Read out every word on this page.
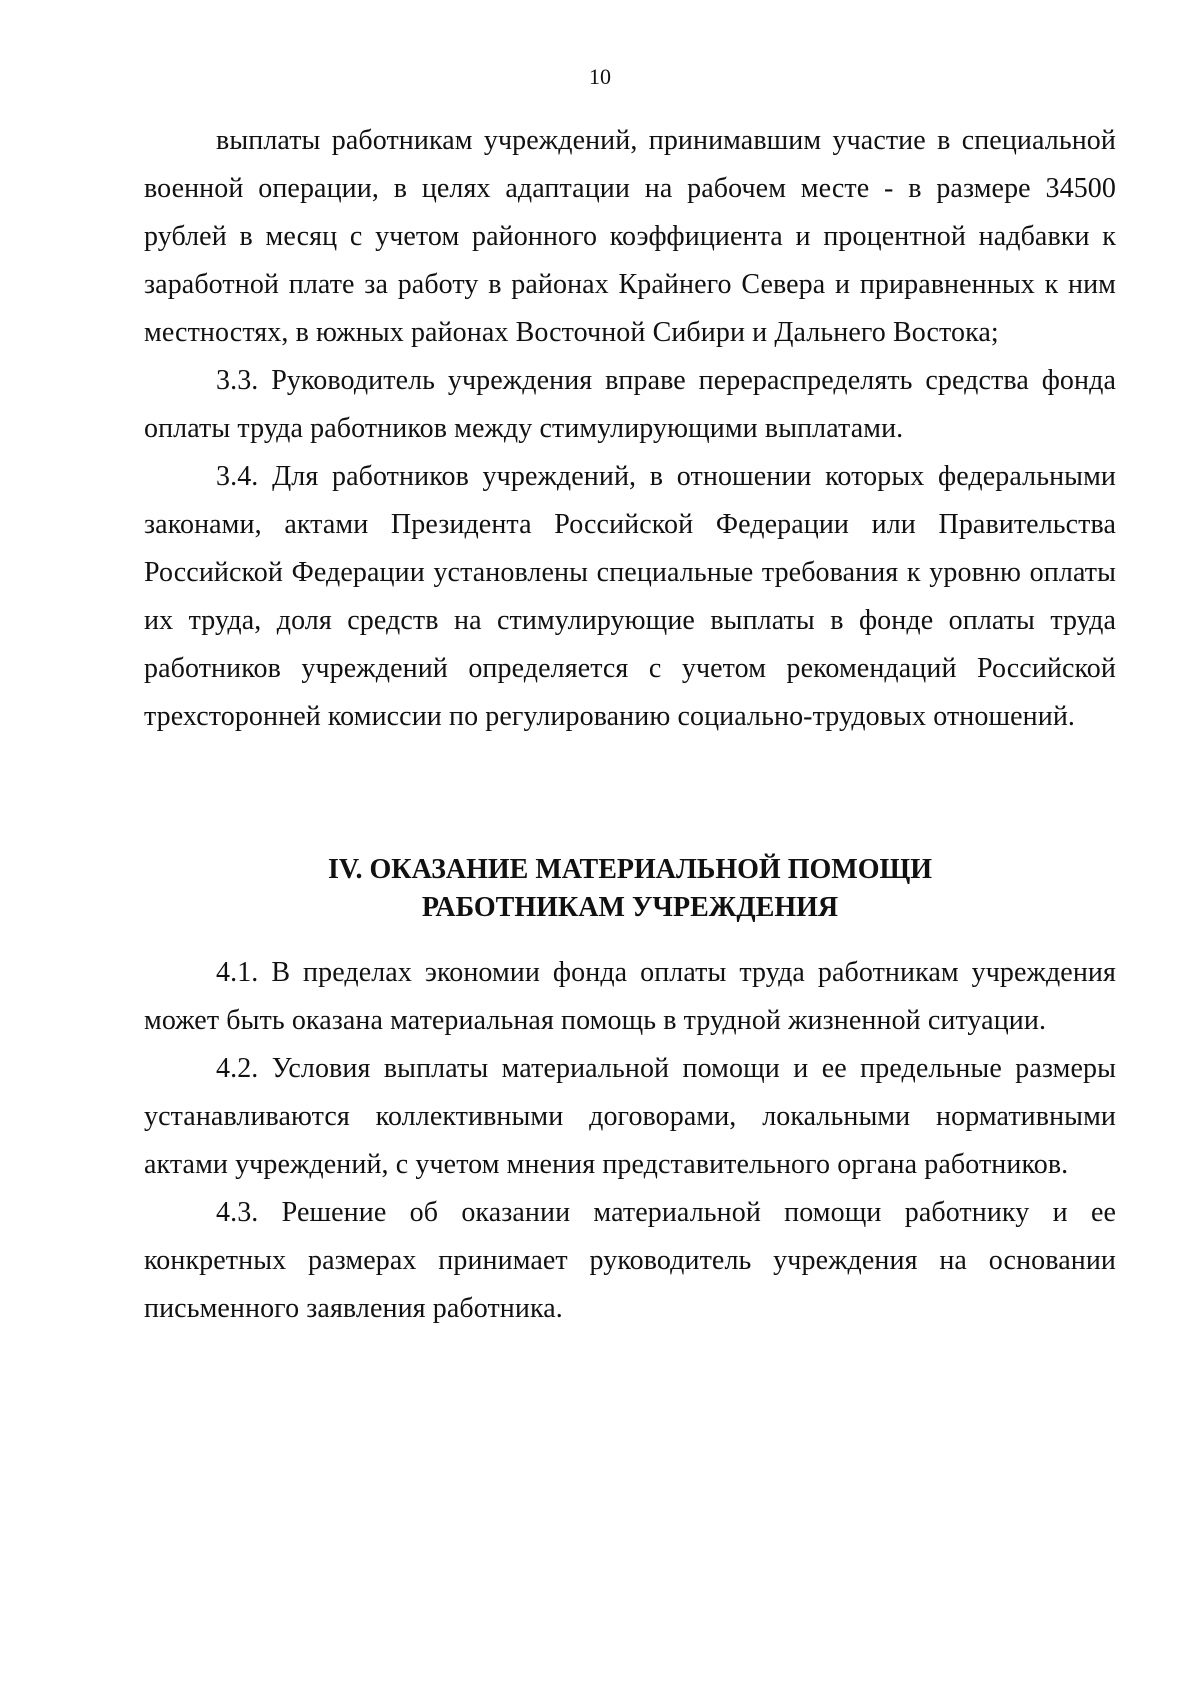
10

выплаты работникам учреждений, принимавшим участие в специальной военной операции, в целях адаптации на рабочем месте - в размере 34500 рублей в месяц с учетом районного коэффициента и процентной надбавки к заработной плате за работу в районах Крайнего Севера и приравненных к ним местностях, в южных районах Восточной Сибири и Дальнего Востока;

3.3. Руководитель учреждения вправе перераспределять средства фонда оплаты труда работников между стимулирующими выплатами.

3.4. Для работников учреждений, в отношении которых федеральными законами, актами Президента Российской Федерации или Правительства Российской Федерации установлены специальные требования к уровню оплаты их труда, доля средств на стимулирующие выплаты в фонде оплаты труда работников учреждений определяется с учетом рекомендаций Российской трехсторонней комиссии по регулированию социально-трудовых отношений.

IV. ОКАЗАНИЕ МАТЕРИАЛЬНОЙ ПОМОЩИ
РАБОТНИКАМ УЧРЕЖДЕНИЯ

4.1. В пределах экономии фонда оплаты труда работникам учреждения может быть оказана материальная помощь в трудной жизненной ситуации.

4.2. Условия выплаты материальной помощи и ее предельные размеры устанавливаются коллективными договорами, локальными нормативными актами учреждений, с учетом мнения представительного органа работников.

4.3. Решение об оказании материальной помощи работнику и ее конкретных размерах принимает руководитель учреждения на основании письменного заявления работника.
